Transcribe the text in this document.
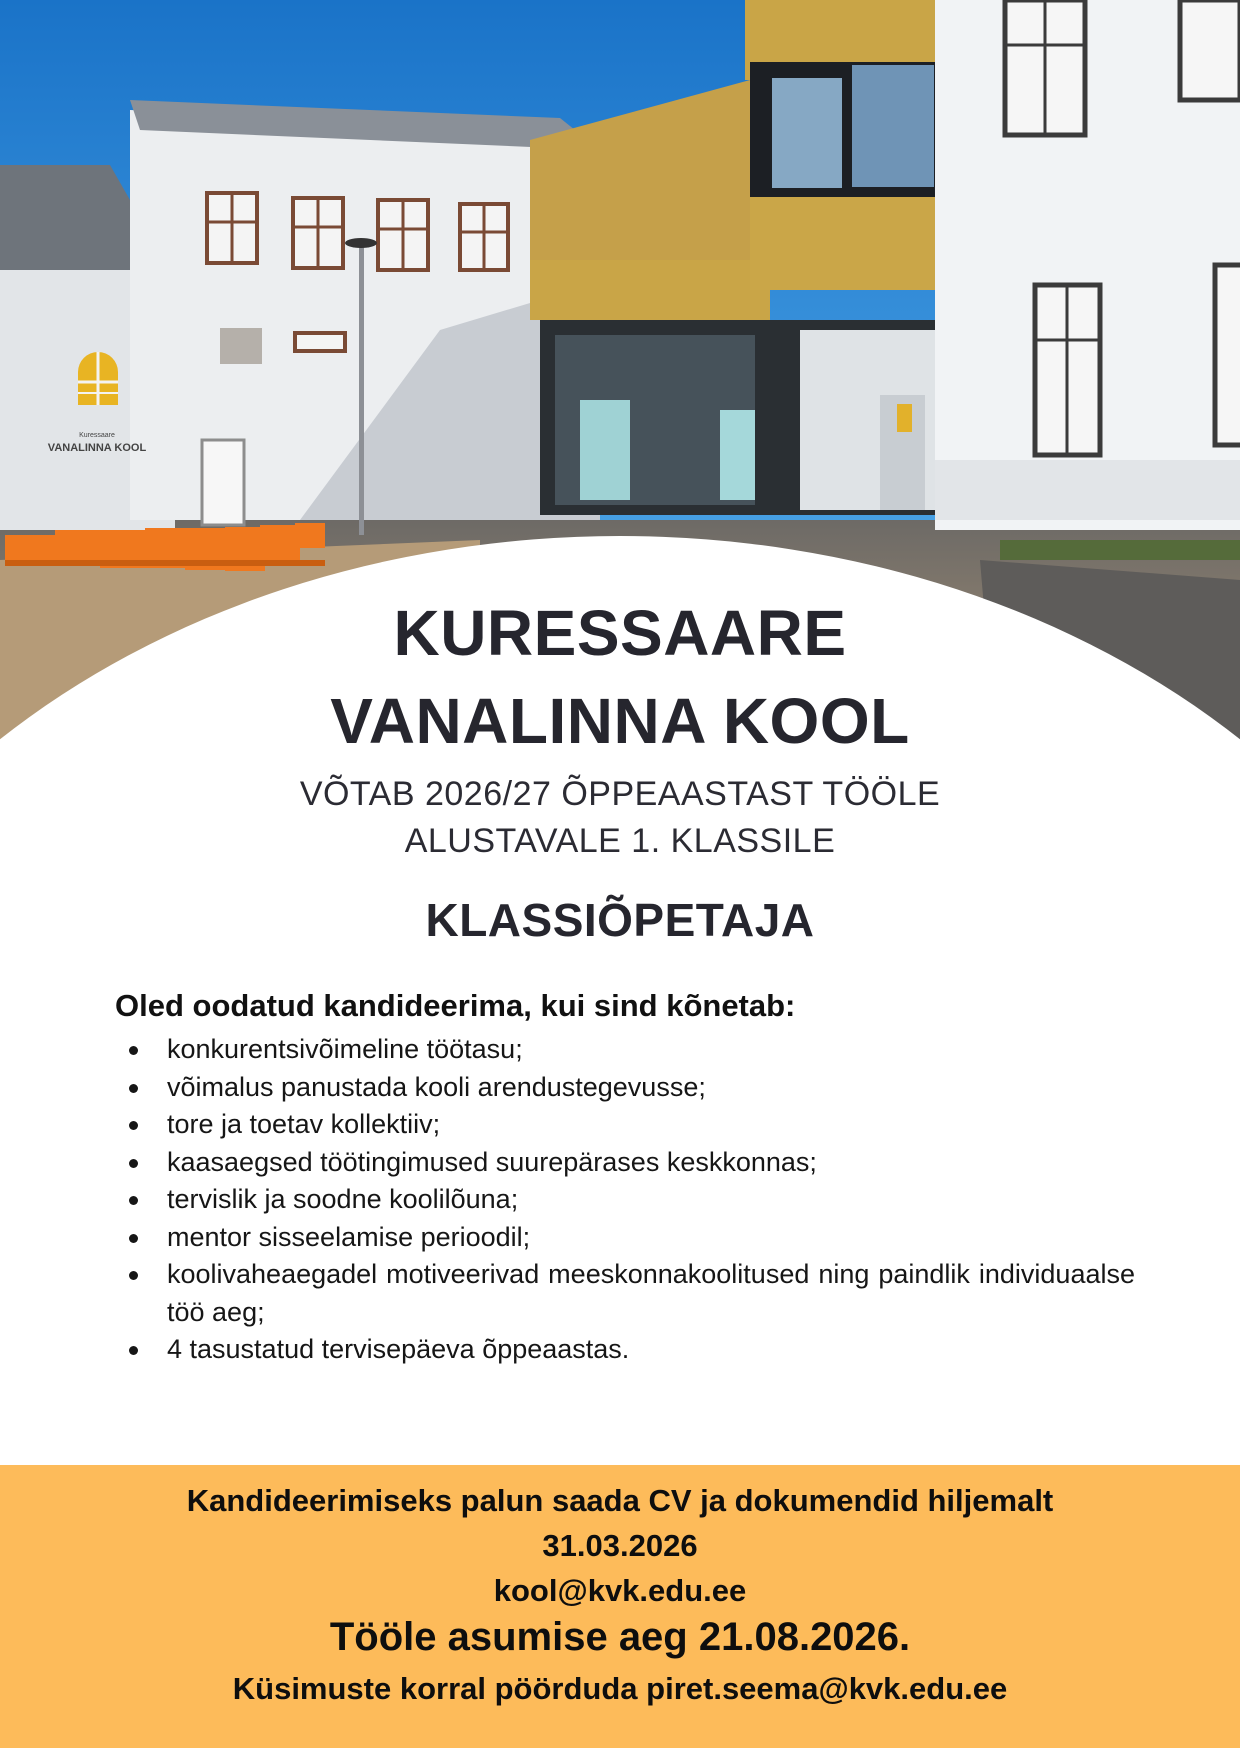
Kuressaare
VANALINNA KOOL
KURESSAARE
VANALINNA KOOL
VÕTAB 2026/27 ÕPPEAASTAST TÖÖLE
ALUSTAVALE 1. KLASSILE
KLASSIÕPETAJA
Oled oodatud kandideerima, kui sind kõnetab:
konkurentsivõimeline töötasu;
võimalus panustada kooli arendustegevusse;
tore ja toetav kollektiiv;
kaasaegsed töötingimused suurepärases keskkonnas;
tervislik ja soodne koolilõuna;
mentor sisseelamise perioodil;
koolivaheaegadel motiveerivad meeskonnakoolitused ning paindlik individuaalse töö aeg;
4 tasustatud tervisepäeva õppeaastas.
Kandideerimiseks palun saada CV ja dokumendid hiljemalt
31.03.2026
kool@kvk.edu.ee
Tööle asumise aeg 21.08.2026.
Küsimuste korral pöörduda piret.seema@kvk.edu.ee
